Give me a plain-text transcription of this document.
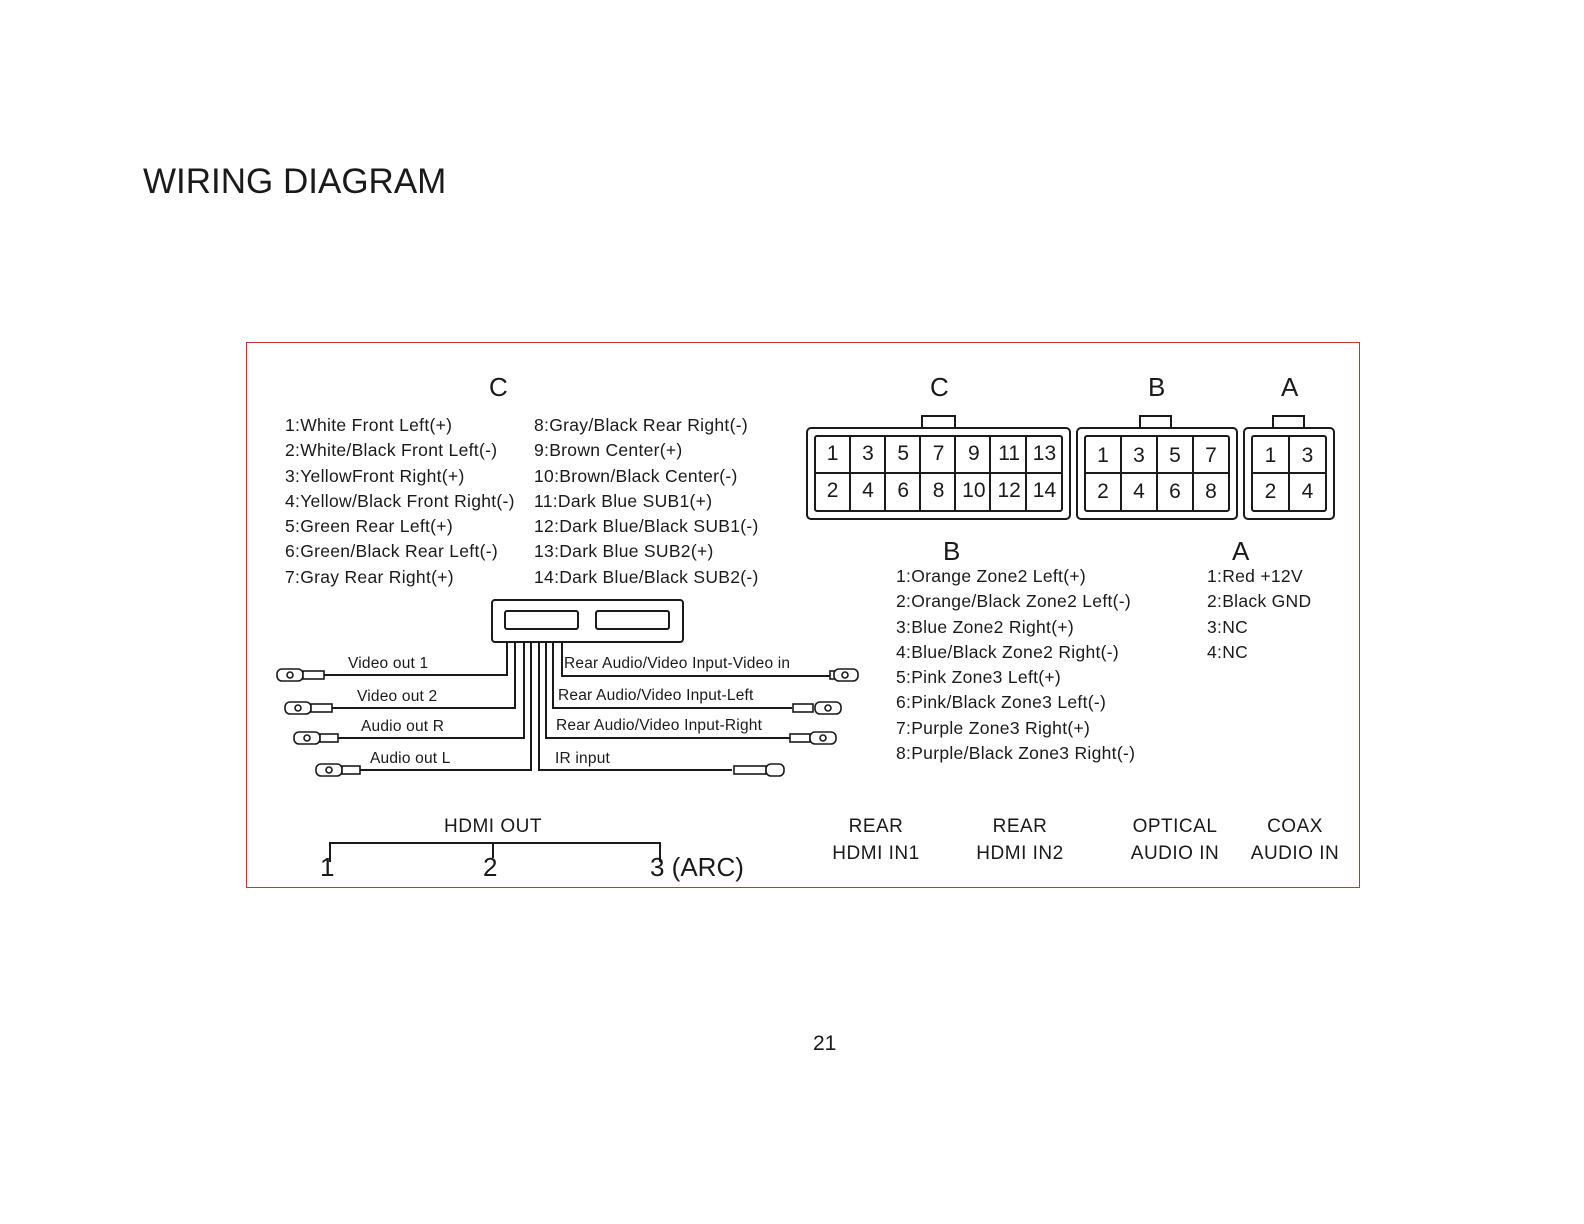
WIRING DIAGRAM
1	3	5	7	9 11 13
2	4	6	8 10 12 14
1	3	5	7
2	4	6	8
1	3
2	4
C	C	B	A
B	A
1:White Front Left(+)
2:White/Black Front Left(-)
3:YellowFront Right(+)
4:Yellow/Black Front Right(-)
5:Green Rear Left(+)
6:Green/Black Rear Left(-)
7:Gray Rear Right(+)
8:Gray/Black Rear Right(-)
9:Brown Center(+)
10:Brown/Black Center(-)
11:Dark Blue SUB1(+)
12:Dark Blue/Black SUB1(-)
13:Dark Blue SUB2(+)
14:Dark Blue/Black SUB2(-)	1:Orange Zone2 Left(+)
2:Orange/Black Zone2 Left(-)
3:Blue Zone2 Right(+)
4:Blue/Black Zone2 Right(-)
5:Pink Zone3 Left(+)
6:Pink/Black Zone3 Left(-)
7:Purple Zone3 Right(+)
8:Purple/Black Zone3 Right(-)
1:Red +12V
2:Black GND
3:NC
4:NC
Video out 1
Video out 2
Audio out R
Audio out L
Rear Audio/Video Input-Video in
Rear Audio/Video Input-Left
Rear Audio/Video Input-Right
IR input
HDMI OUT
1	2	3 (ARC)
REAR
HDMI IN1
REAR
HDMI IN2
OPTICAL
AUDIO IN
COAX
AUDIO IN
21
